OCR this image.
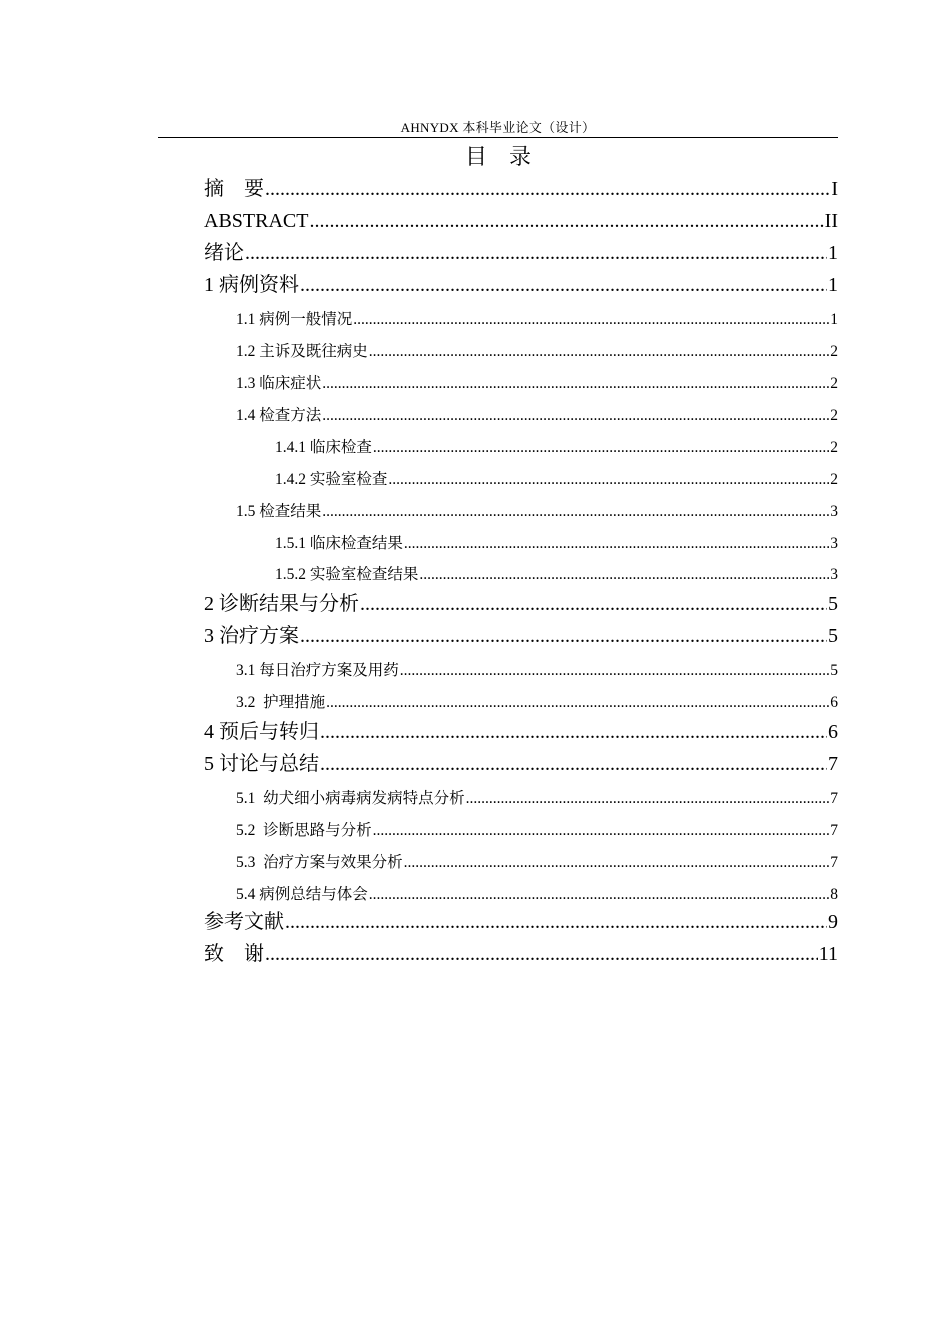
AHNYDX 本科毕业论文（设计）
目　录
摘　要 .....	I
ABSTRACT .....	II
绪论 .....	1
1 病例资料 .....	1
1.1 病例一般情况 .....	1
1.2 主诉及既往病史 .....	2
1.3 临床症状 .....	2
1.4 检查方法 .....	2
1.4.1 临床检查 .....	2
1.4.2 实验室检查 .....	2
1.5 检查结果 .....	3
1.5.1 临床检查结果 .....	3
1.5.2 实验室检查结果 .....	3
2 诊断结果与分析 .....	5
3 治疗方案 .....	5
3.1 每日治疗方案及用药 .....	5
3.2  护理措施 .....	6
4 预后与转归 .....	6
5 讨论与总结 .....	7
5.1  幼犬细小病毒病发病特点分析 .....	7
5.2  诊断思路与分析 .....	7
5.3  治疗方案与效果分析 .....	7
5.4 病例总结与体会 .....	8
参考文献 .....	9
致　谢 .....	11
